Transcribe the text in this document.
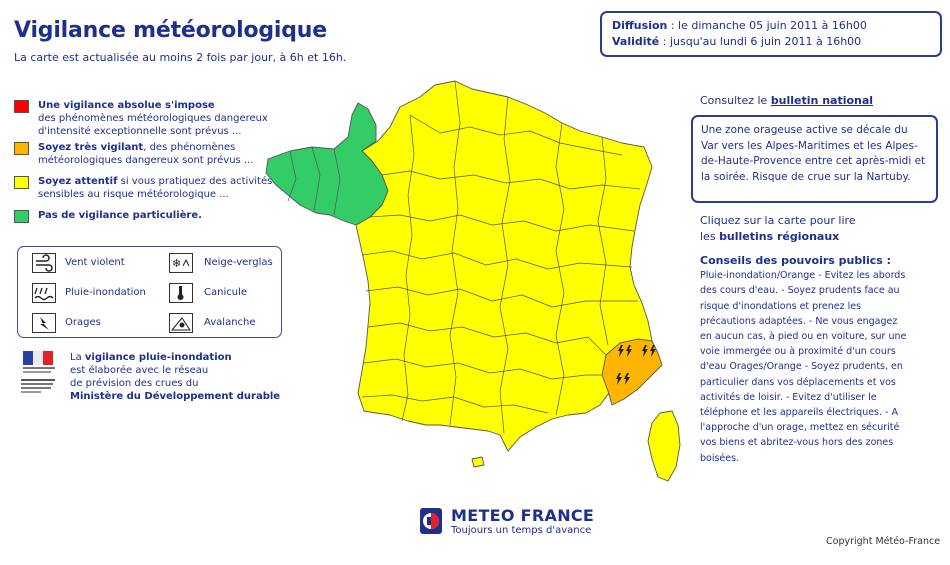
Vigilance météorologique
La carte est actualisée au moins 2 fois par jour, à 6h et 16h.
Une vigilance absolue s'impose
des phénomènes météorologiques dangereux d'intensité exceptionnelle sont prévus ...
Soyez très vigilant, des phénomènes météorologiques dangereux sont prévus ...
Soyez attentif si vous pratiquez des activités sensibles au risque météorologique ...
Pas de vigilance particulière.
Vent violent	❄ Neige-verglas
Pluie-inondation	Canicule
Orages	Avalanche
La vigilance pluie-inondation
est élaborée avec le réseau
de prévision des crues du
Ministère du Développement durable
Diffusion : le dimanche 05 juin 2011 à 16h00
Validité : jusqu'au lundi 6 juin 2011 à 16h00
Consultez le bulletin national
Une zone orageuse active se décale du Var vers les Alpes-Maritimes et les Alpes-de-Haute-Provence entre cet après-midi et la soirée. Risque de crue sur la Nartuby.
Cliquez sur la carte pour lire
les bulletins régionaux
Conseils des pouvoirs publics :
Pluie-inondation/Orange - Evitez les abords des cours d'eau. - Soyez prudents face au risque d'inondations et prenez les précautions adaptées. - Ne vous engagez en aucun cas, à pied ou en voiture, sur une voie immergée ou à proximité d'un cours d'eau Orages/Orange - Soyez prudents, en particulier dans vos déplacements et vos activités de loisir. - Evitez d'utiliser le téléphone et les appareils électriques. - A l'approche d'un orage, mettez en sécurité vos biens et abritez-vous hors des zones boisées.
METEO FRANCE
Toujours un temps d'avance
Copyright Météo-France
